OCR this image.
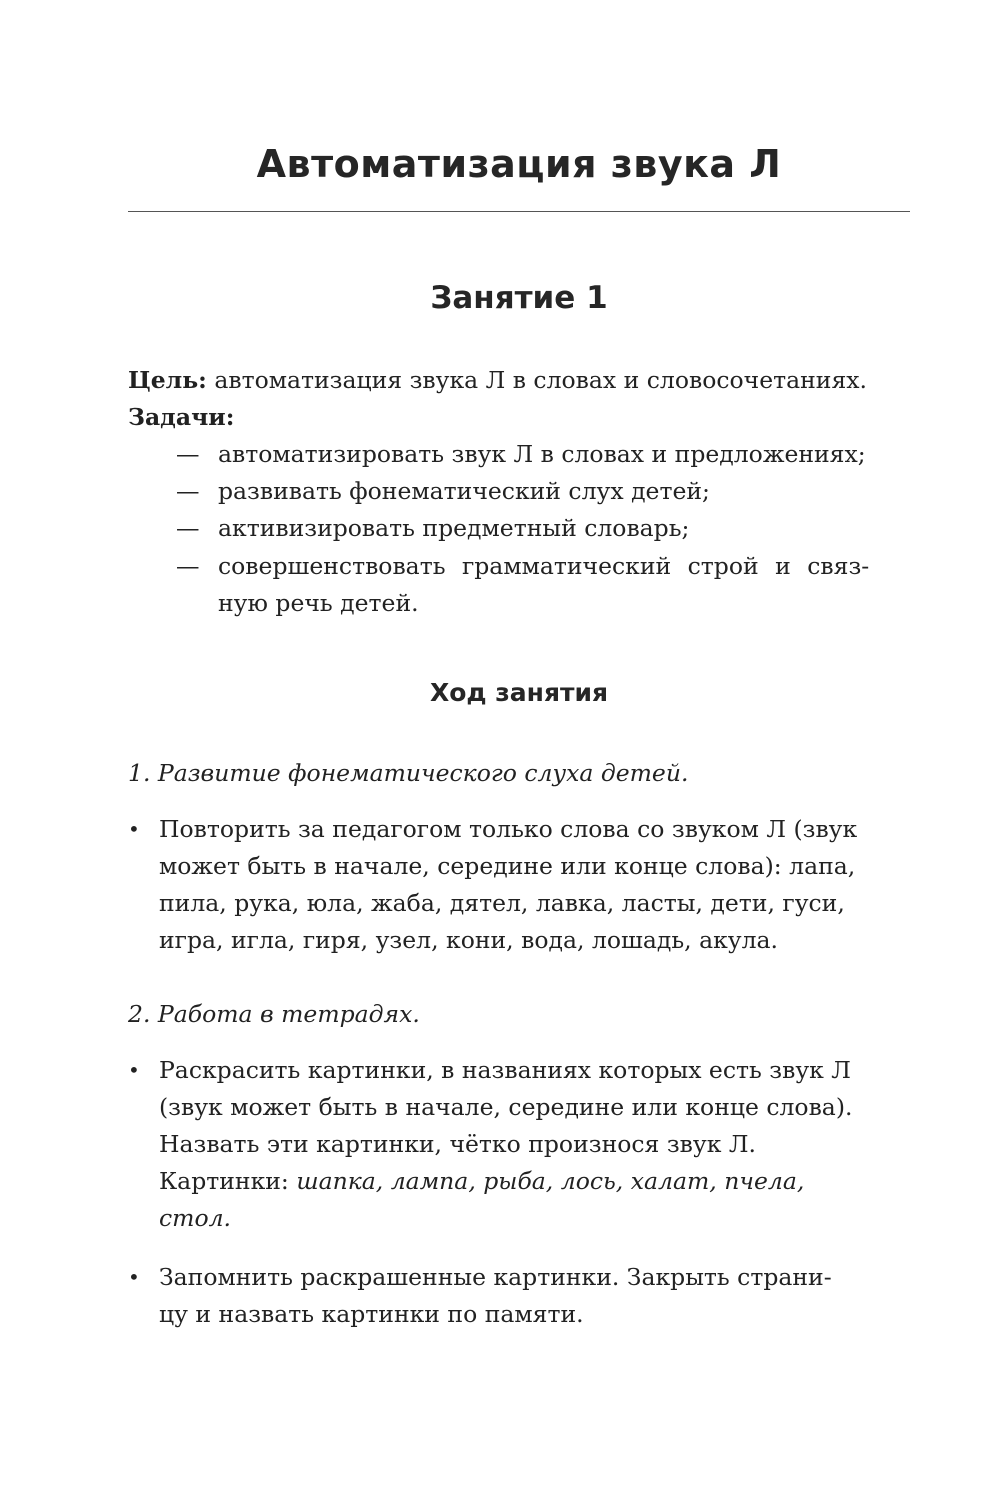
Автоматизация звука Л
Занятие 1

Цель: автоматизация звука Л в словах и словосочетаниях.

Задачи:

— автоматизировать звук Л в словах и предложениях;
— развивать фонематический слух детей;
— активизировать предметный словарь;
— совершенствовать грамматический строй и связ-
ную речь детей.
Ход занятия

1. Развитие фонематического слуха детей.

• Повторить за педагогом только слова со звуком Л (звук
может быть в начале, середине или конце слова): лапа,
пила, рука, юла, жаба, дятел, лавка, ласты, дети, гуси,
игра, игла, гиря, узел, кони, вода, лошадь, акула.

2. Работа в тетрадях.

• Раскрасить картинки, в названиях которых есть звук Л
(звук может быть в начале, середине или конце слова).
Назвать эти картинки, чётко произнося звук Л.
Картинки: шапка, лампа, рыба, лось, халат, пчела,
стол.
• Запомнить раскрашенные картинки. Закрыть страни-
цу и назвать картинки по памяти.
